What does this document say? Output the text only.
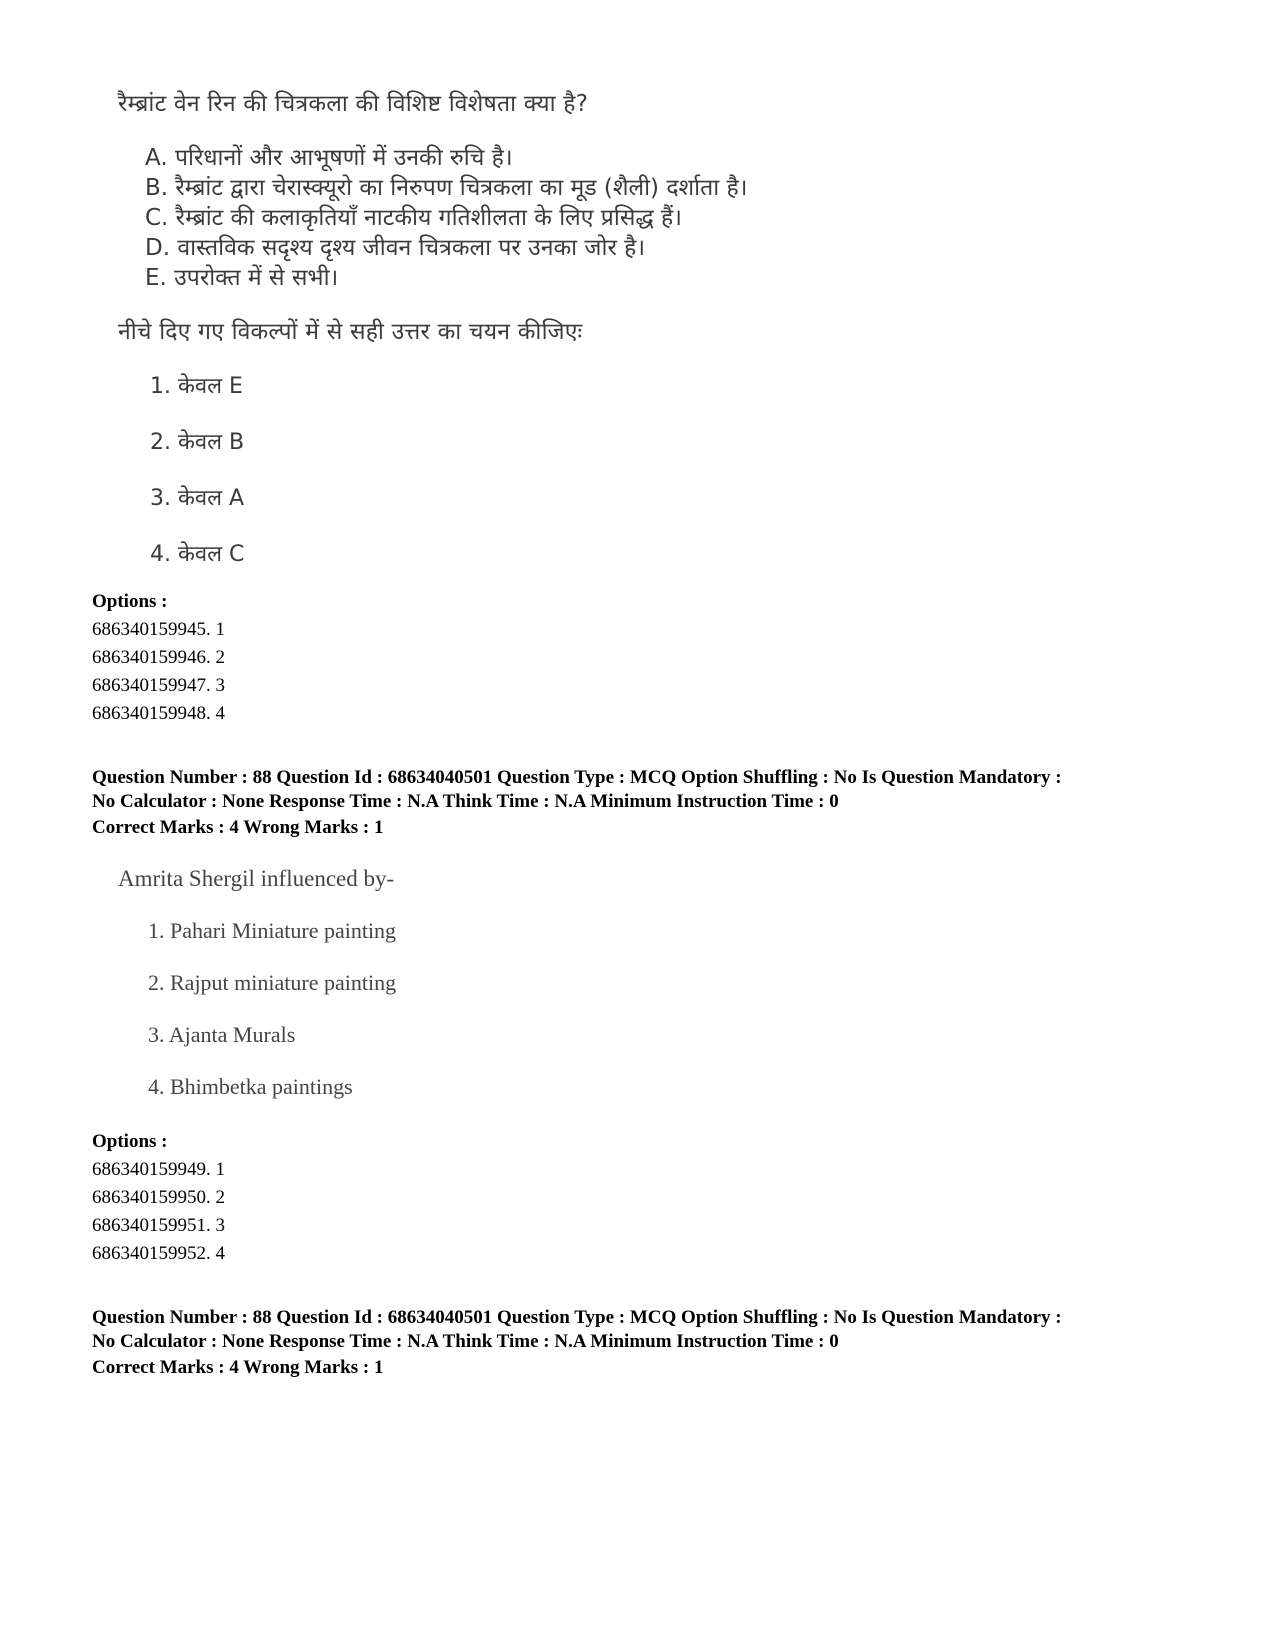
रैम्ब्रांट वेन रिन की चित्रकला की विशिष्ट विशेषता क्या है?
A. परिधानों और आभूषणों में उनकी रुचि है।
B. रैम्ब्रांट द्वारा चेरास्क्यूरो का निरुपण चित्रकला का मूड (शैली) दर्शाता है।
C. रैम्ब्रांट की कलाकृतियाँ नाटकीय गतिशीलता के लिए प्रसिद्ध हैं।
D. वास्तविक सदृश्य दृश्य जीवन चित्रकला पर उनका जोर है।
E. उपरोक्त में से सभी।
नीचे दिए गए विकल्पों में से सही उत्तर का चयन कीजिएः
1. केवल E
2. केवल B
3. केवल A
4. केवल C
Options :
686340159945. 1
686340159946. 2
686340159947. 3
686340159948. 4
Question Number : 88 Question Id : 68634040501 Question Type : MCQ Option Shuffling : No Is Question Mandatory :
No Calculator : None Response Time : N.A Think Time : N.A Minimum Instruction Time : 0
Correct Marks : 4 Wrong Marks : 1
Amrita Shergil influenced by-
1. Pahari Miniature painting
2. Rajput miniature painting
3. Ajanta Murals
4. Bhimbetka paintings
Options :
686340159949. 1
686340159950. 2
686340159951. 3
686340159952. 4
Question Number : 88 Question Id : 68634040501 Question Type : MCQ Option Shuffling : No Is Question Mandatory :
No Calculator : None Response Time : N.A Think Time : N.A Minimum Instruction Time : 0
Correct Marks : 4 Wrong Marks : 1
